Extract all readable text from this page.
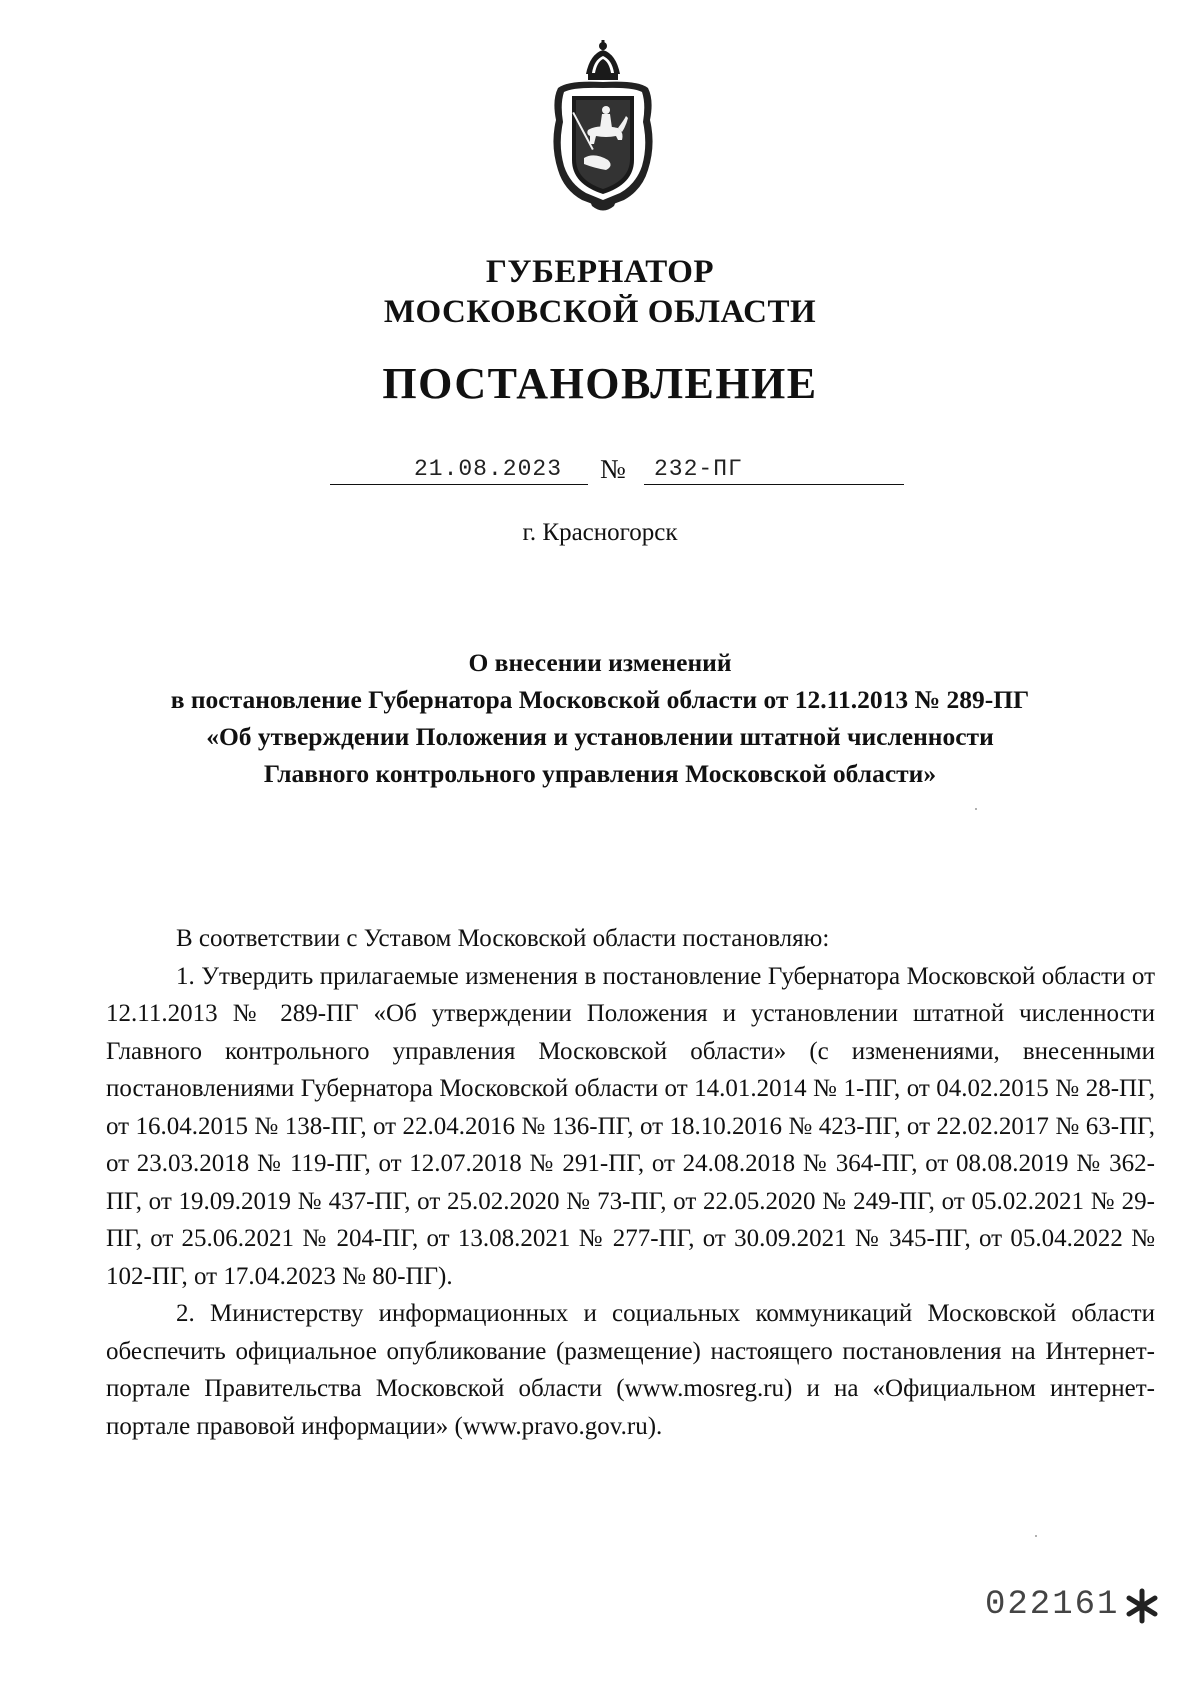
ГУБЕРНАТОР
МОСКОВСКОЙ ОБЛАСТИ
ПОСТАНОВЛЕНИЕ
21.08.2023	№	232-ПГ
г. Красногорск
О внесении изменений
в постановление Губернатора Московской области от 12.11.2013 № 289-ПГ
«Об утверждении Положения и установлении штатной численности
Главного контрольного управления Московской области»

В соответствии с Уставом Московской области постановляю:

1. Утвердить прилагаемые изменения в постановление Губернатора Московской области от 12.11.2013 № 289-ПГ «Об утверждении Положения и установлении штатной численности Главного контрольного управления Московской области» (с изменениями, внесенными постановлениями Губернатора Московской области от 14.01.2014 № 1-ПГ, от 04.02.2015 № 28-ПГ, от 16.04.2015 № 138-ПГ, от 22.04.2016 № 136-ПГ, от 18.10.2016 № 423-ПГ, от 22.02.2017 № 63-ПГ, от 23.03.2018 № 119-ПГ, от 12.07.2018 № 291-ПГ, от 24.08.2018 № 364-ПГ, от 08.08.2019 № 362-ПГ, от 19.09.2019 № 437-ПГ, от 25.02.2020 № 73-ПГ, от 22.05.2020 № 249-ПГ, от 05.02.2021 № 29-ПГ, от 25.06.2021 № 204-ПГ, от 13.08.2021 № 277-ПГ, от 30.09.2021 № 345-ПГ, от 05.04.2022 № 102-ПГ, от 17.04.2023 № 80-ПГ).

2. Министерству информационных и социальных коммуникаций Московской области обеспечить официальное опубликование (размещение) настоящего постановления на Интернет-портале Правительства Московской области (www.mosreg.ru) и на «Официальном интернет-портале правовой информации» (www.pravo.gov.ru).

022161
